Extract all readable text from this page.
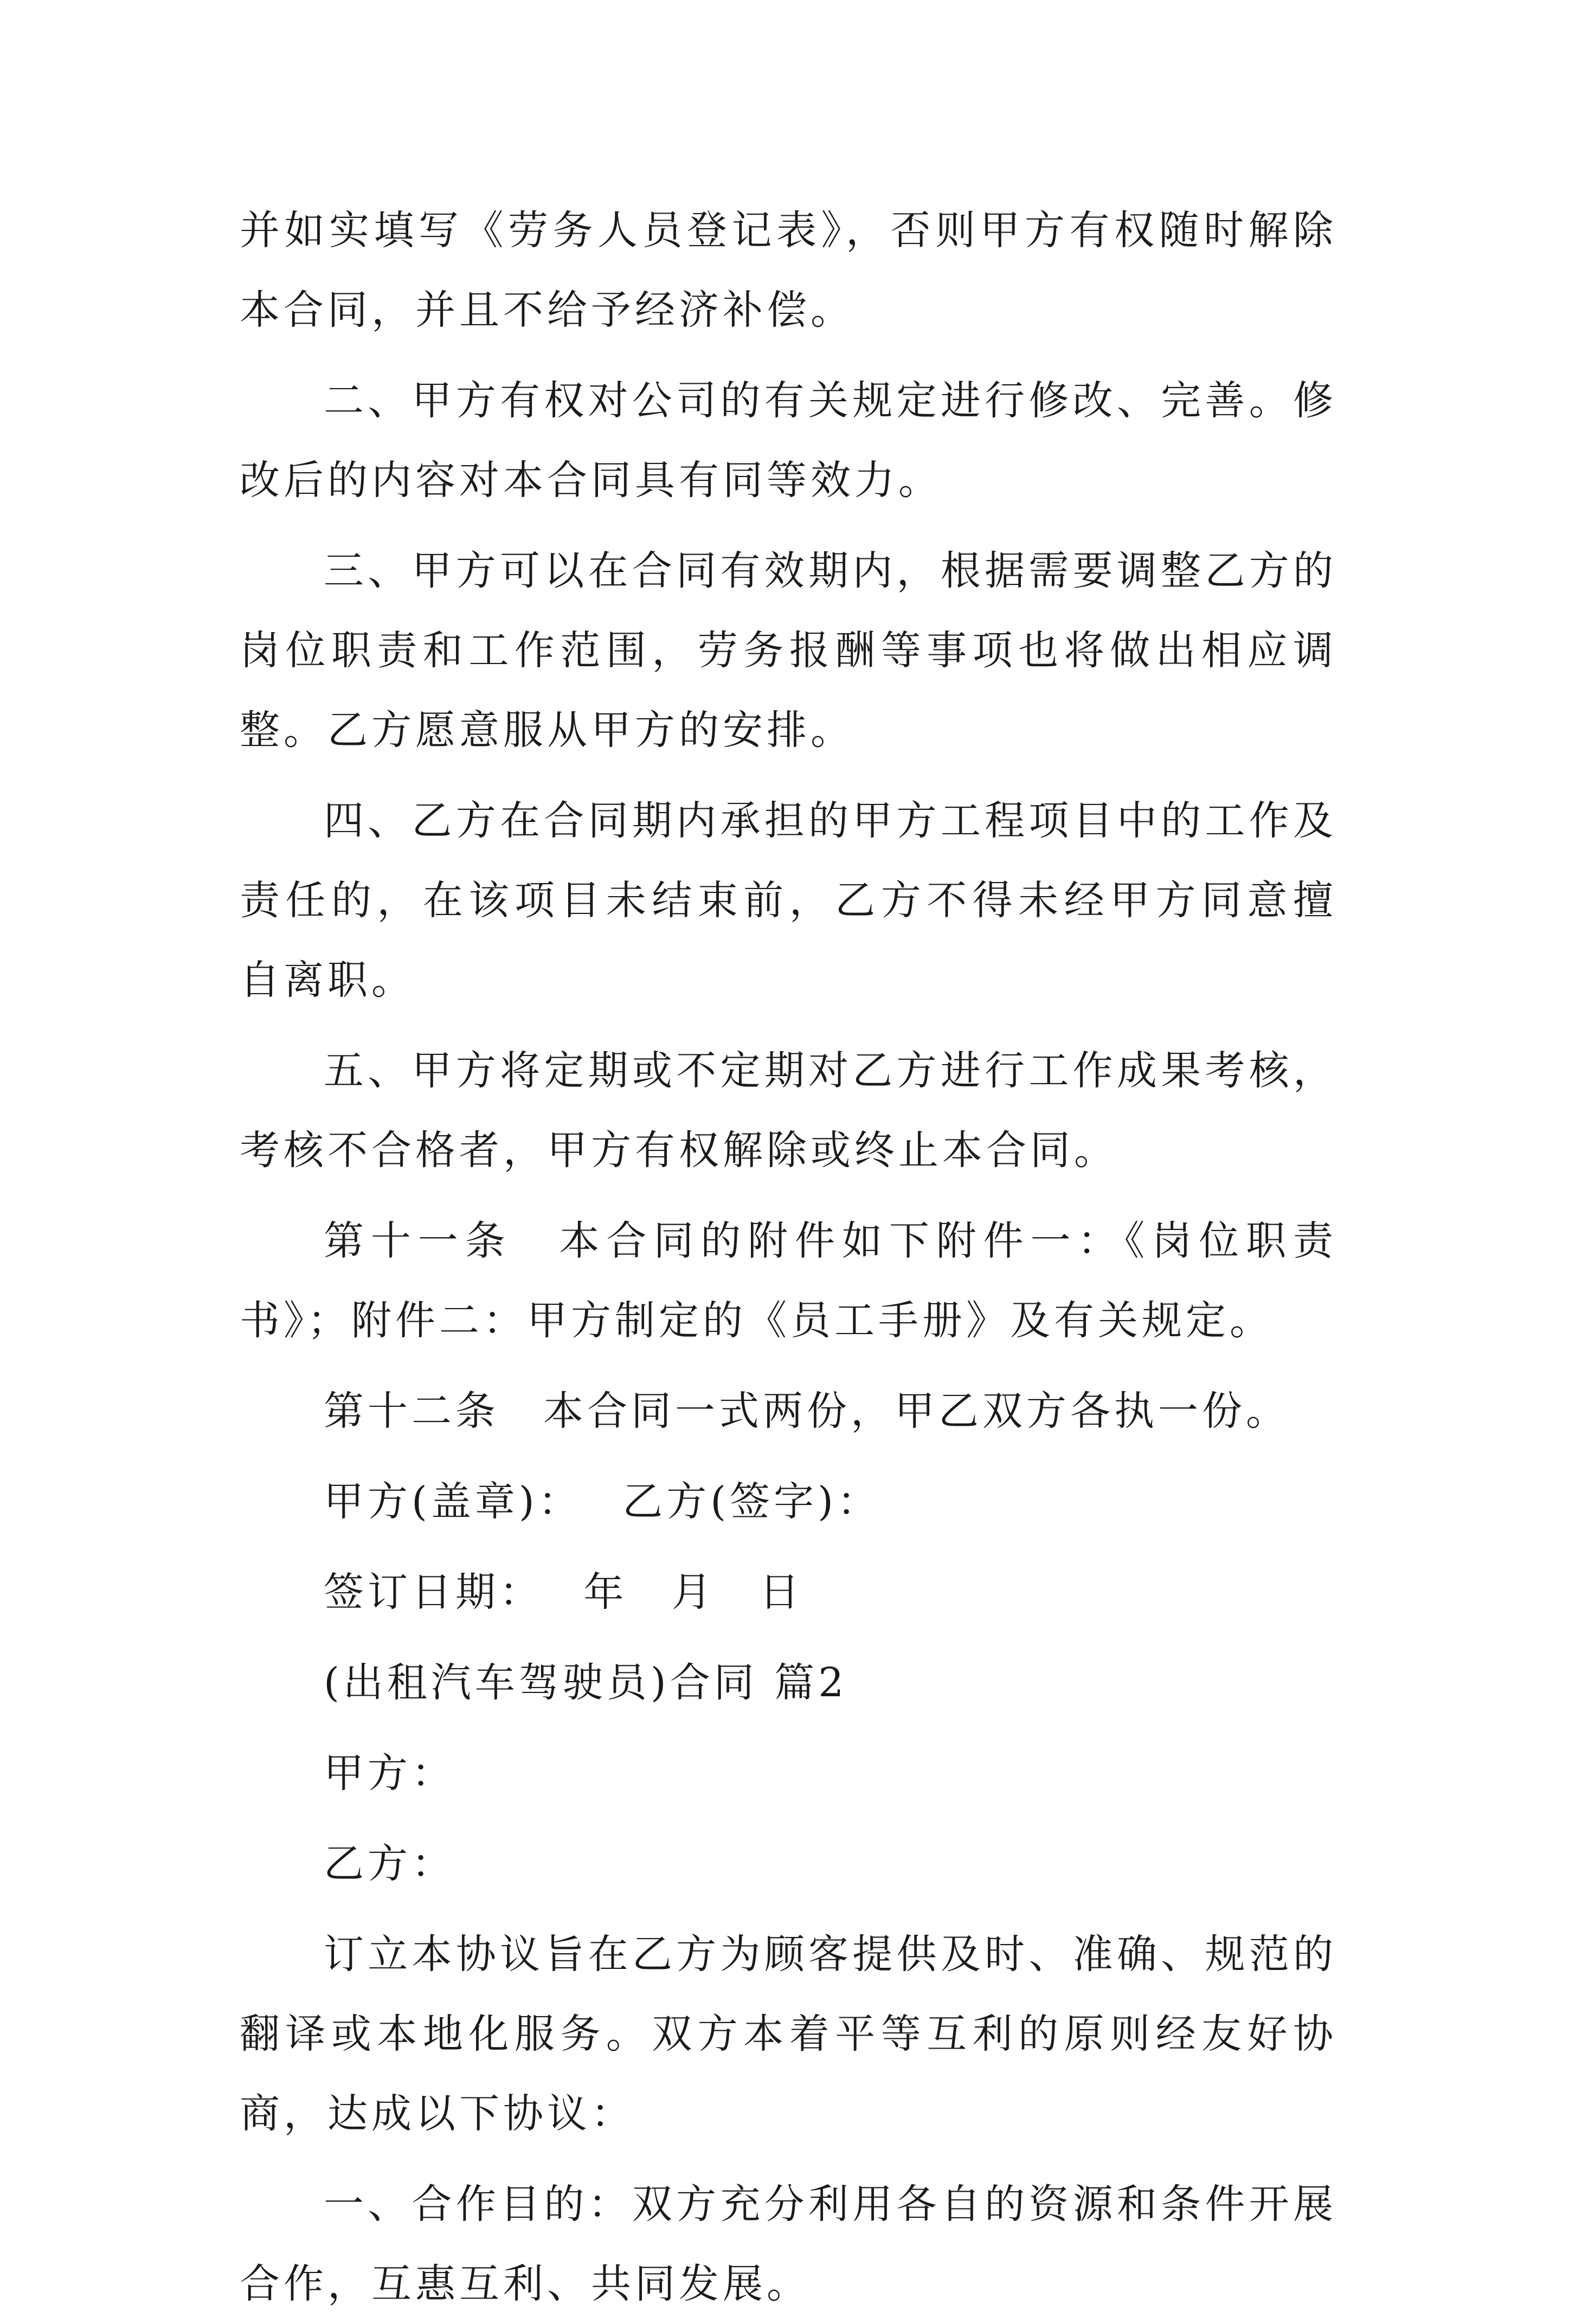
并如实填写《劳务人员登记表》，否则甲方有权随时解除本合同，并且不给予经济补偿。

二、甲方有权对公司的有关规定进行修改、完善。修改后的内容对本合同具有同等效力。

三、甲方可以在合同有效期内，根据需要调整乙方的岗位职责和工作范围，劳务报酬等事项也将做出相应调整。乙方愿意服从甲方的安排。

四、乙方在合同期内承担的甲方工程项目中的工作及责任的，在该项目未结束前，乙方不得未经甲方同意擅自离职。

五、甲方将定期或不定期对乙方进行工作成果考核，考核不合格者，甲方有权解除或终止本合同。

第十一条　本合同的附件如下附件一：《岗位职责书》；附件二：甲方制定的《员工手册》及有关规定。

第十二条　本合同一式两份，甲乙双方各执一份。

甲方(盖章)：　 乙方(签字)：

签订日期：　 年　月　日

(出租汽车驾驶员)合同 篇2

甲方：

乙方：

订立本协议旨在乙方为顾客提供及时、准确、规范的翻译或本地化服务。双方本着平等互利的原则经友好协商，达成以下协议：

一、合作目的：双方充分利用各自的资源和条件开展合作，互惠互利、共同发展。
